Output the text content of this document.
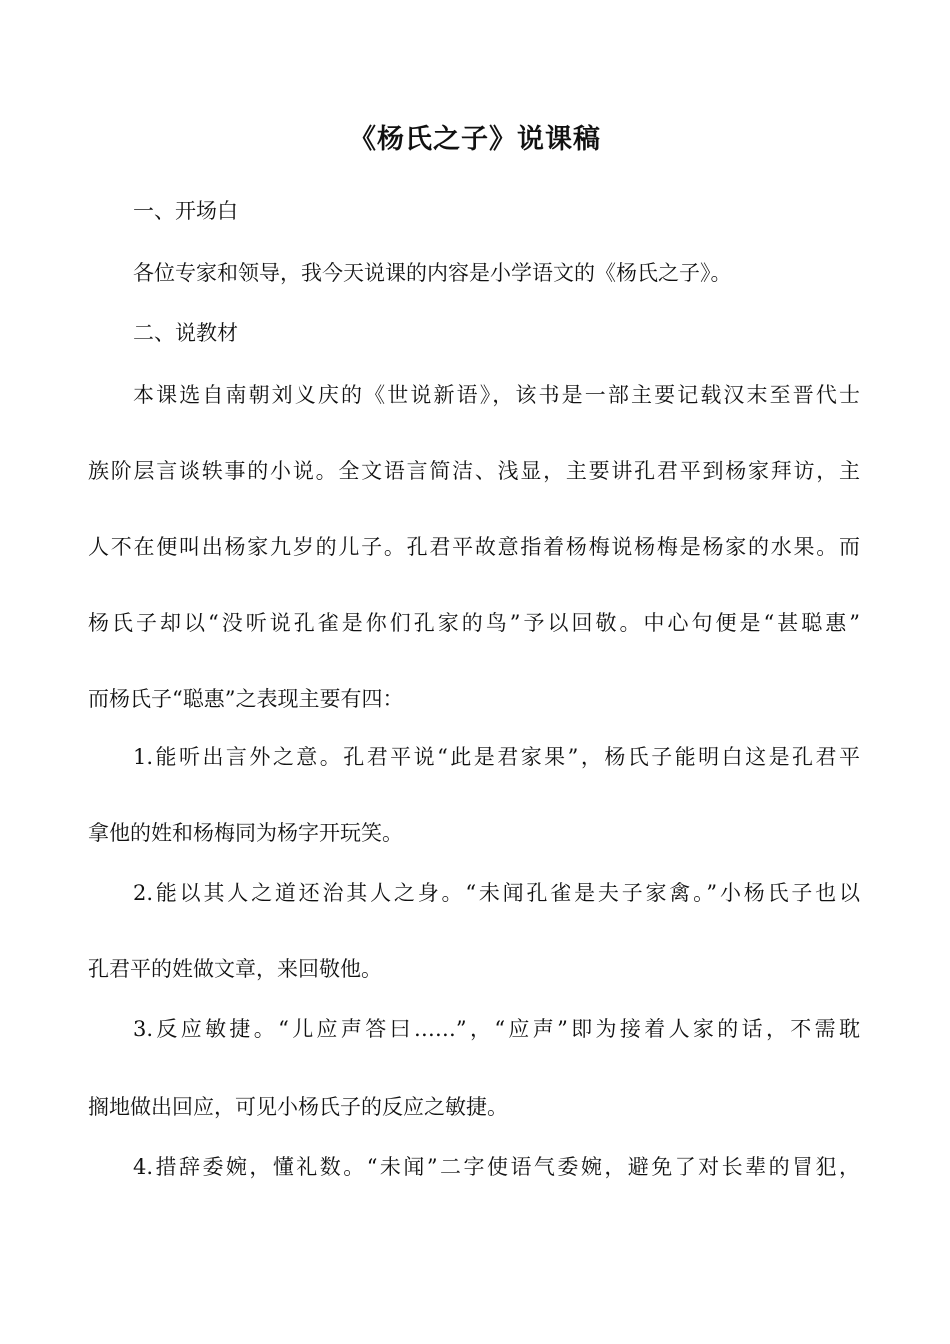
《杨氏之子》说课稿
一、开场白
各位专家和领导，我今天说课的内容是小学语文的《杨氏之子》。
二、说教材
本课选自南朝刘义庆的《世说新语》，该书是一部主要记载汉末至晋代士
族阶层言谈轶事的小说。全文语言简洁、浅显，主要讲孔君平到杨家拜访，主
人不在便叫出杨家九岁的儿子。孔君平故意指着杨梅说杨梅是杨家的水果。而
杨氏子却以“没听说孔雀是你们孔家的鸟”予以回敬。中心句便是“甚聪惠”
而杨氏子“聪惠”之表现主要有四：
1.能听出言外之意。孔君平说“此是君家果”，杨氏子能明白这是孔君平
拿他的姓和杨梅同为杨字开玩笑。
2.能以其人之道还治其人之身。“未闻孔雀是夫子家禽。”小杨氏子也以
孔君平的姓做文章，来回敬他。
3.反应敏捷。“儿应声答曰……”，“应声”即为接着人家的话，不需耽
搁地做出回应，可见小杨氏子的反应之敏捷。
4.措辞委婉，懂礼数。“未闻”二字使语气委婉，避免了对长辈的冒犯，
